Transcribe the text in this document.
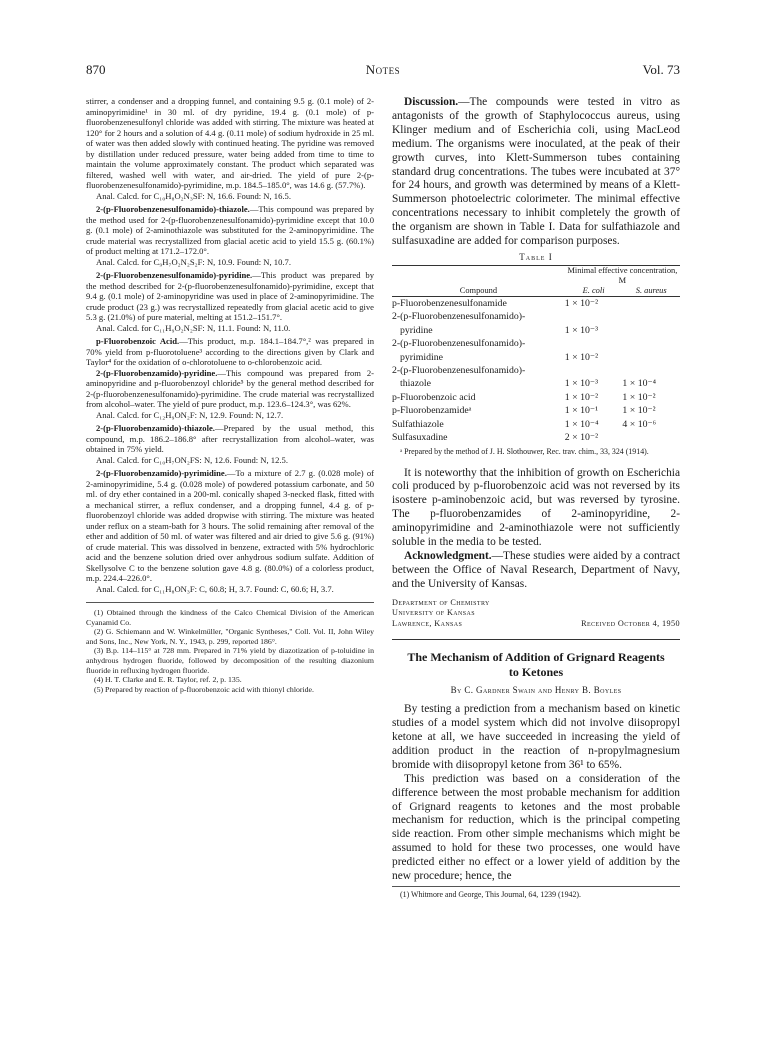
870	Notes	Vol. 73

stirrer, a condenser and a dropping funnel, and containing 9.5 g. (0.1 mole) of 2-aminopyrimidine¹ in 30 ml. of dry pyridine, 19.4 g. (0.1 mole) of p-fluorobenzenesulfonyl chloride was added with stirring. The mixture was heated at 120° for 2 hours and a solution of 4.4 g. (0.11 mole) of sodium hydroxide in 25 ml. of water was then added slowly with continued heating. The pyridine was removed by distillation under reduced pressure, water being added from time to time to maintain the volume approximately constant. The product which separated was filtered, washed well with water, and air-dried. The yield of pure 2-(p-fluorobenzenesulfonamido)-pyrimidine, m.p. 184.5–185.0°, was 14.6 g. (57.7%).

Anal. Calcd. for C₁₀H₈O₂N₃SF: N, 16.6. Found: N, 16.5.

2-(p-Fluorobenzenesulfonamido)-thiazole.—This compound was prepared by the method used for 2-(p-fluorobenzenesulfonamido)-pyrimidine except that 10.0 g. (0.1 mole) of 2-aminothiazole was substituted for the 2-aminopyrimidine. The crude material was recrystallized from glacial acetic acid to yield 15.5 g. (60.1%) of product melting at 171.2–172.0°.

Anal. Calcd. for C₉H₇O₂N₂S₂F: N, 10.9. Found: N, 10.7.

2-(p-Fluorobenzenesulfonamido)-pyridine.—This product was prepared by the method described for 2-(p-fluorobenzenesulfonamido)-pyrimidine, except that 9.4 g. (0.1 mole) of 2-aminopyridine was used in place of 2-aminopyrimidine. The crude product (23 g.) was recrystallized repeatedly from glacial acetic acid to give 5.3 g. (21.0%) of pure material, melting at 151.2–151.7°.

Anal. Calcd. for C₁₁H₉O₂N₂SF: N, 11.1. Found: N, 11.0.

p-Fluorobenzoic Acid.—This product, m.p. 184.1–184.7°,² was prepared in 70% yield from p-fluorotoluene³ according to the directions given by Clark and Taylor⁴ for the oxidation of o-chlorotoluene to o-chlorobenzoic acid.

2-(p-Fluorobenzamido)-pyridine.—This compound was prepared from 2-aminopyridine and p-fluorobenzoyl chloride⁵ by the general method described for 2-(p-fluorobenzenesulfonamido)-pyrimidine. The crude material was recrystallized from alcohol–water. The yield of pure product, m.p. 123.6–124.3°, was 62%.

Anal. Calcd. for C₁₂H₉ON₂F: N, 12.9. Found: N, 12.7.

2-(p-Fluorobenzamido)-thiazole.—Prepared by the usual method, this compound, m.p. 186.2–186.8° after recrystallization from alcohol–water, was obtained in 75% yield.

Anal. Calcd. for C₁₀H₇ON₂FS: N, 12.6. Found: N, 12.5.

2-(p-Fluorobenzamido)-pyrimidine.—To a mixture of 2.7 g. (0.028 mole) of 2-aminopyrimidine, 5.4 g. (0.028 mole) of powdered potassium carbonate, and 50 ml. of dry ether contained in a 200-ml. conically shaped 3-necked flask, fitted with a mechanical stirrer, a reflux condenser, and a dropping funnel, 4.4 g. of p-fluorobenzoyl chloride was added dropwise with stirring. The mixture was heated under reflux on a steam-bath for 3 hours. The solid remaining after removal of the ether and addition of 50 ml. of water was filtered and air dried to give 5.6 g. (91%) of crude material. This was dissolved in benzene, extracted with 5% hydrochloric acid and the benzene solution dried over anhydrous sodium sulfate. Addition of Skellysolve C to the benzene solution gave 4.8 g. (80.0%) of a colorless product, m.p. 224.4–226.0°.

Anal. Calcd. for C₁₁H₈ON₃F: C, 60.8; H, 3.7. Found: C, 60.6; H, 3.7.

(1) Obtained through the kindness of the Calco Chemical Division of the American Cyanamid Co.

(2) G. Schiemann and W. Winkelmüller, "Organic Syntheses," Coll. Vol. II, John Wiley and Sons, Inc., New York, N. Y., 1943, p. 299, reported 186°.

(3) B.p. 114–115° at 728 mm. Prepared in 71% yield by diazotization of p-toluidine in anhydrous hydrogen fluoride, followed by decomposition of the resulting diazonium fluoride in refluxing hydrogen fluoride.

(4) H. T. Clarke and E. R. Taylor, ref. 2, p. 135.

(5) Prepared by reaction of p-fluorobenzoic acid with thionyl chloride.

Discussion.—The compounds were tested in vitro as antagonists of the growth of Staphylococcus aureus, using Klinger medium and of Escherichia coli, using MacLeod medium. The organisms were inoculated, at the peak of their growth curves, into Klett-Summerson tubes containing standard drug concentrations. The tubes were incubated at 37° for 24 hours, and growth was determined by means of a Klett-Summerson photoelectric colorimeter. The minimal effective concentrations necessary to inhibit completely the growth of the organism are shown in Table I. Data for sulfathiazole and sulfasuxadine are added for comparison purposes.

Table I
	Minimal effective concentration, M	
Compound	E. coli	S. aureus

p-Fluorobenzenesulfonamide	1 × 10⁻²	
2-(p-Fluorobenzenesulfonamido)-		
pyridine	1 × 10⁻³	
2-(p-Fluorobenzenesulfonamido)-		
pyrimidine	1 × 10⁻²	
2-(p-Fluorobenzenesulfonamido)-		
thiazole	1 × 10⁻³	1 × 10⁻⁴
p-Fluorobenzoic acid	1 × 10⁻²	1 × 10⁻²
p-Fluorobenzamideᵃ	1 × 10⁻¹	1 × 10⁻²
Sulfathiazole	1 × 10⁻⁴	4 × 10⁻⁶
Sulfasuxadine	2 × 10⁻²	

ᵃ Prepared by the method of J. H. Slothouwer, Rec. trav. chim., 33, 324 (1914).

It is noteworthy that the inhibition of growth on Escherichia coli produced by p-fluorobenzoic acid was not reversed by its isostere p-aminobenzoic acid, but was reversed by tyrosine. The p-fluorobenzamides of 2-aminopyridine, 2-aminopyrimidine and 2-aminothiazole were not sufficiently soluble in the media to be tested.

Acknowledgment.—These studies were aided by a contract between the Office of Naval Research, Department of Navy, and the University of Kansas.

Department of Chemistry
University of Kansas
Lawrence, Kansas	Received October 4, 1950
The Mechanism of Addition of Grignard Reagents to Ketones
By C. Gardner Swain and Henry B. Boyles

By testing a prediction from a mechanism based on kinetic studies of a model system which did not involve diisopropyl ketone at all, we have succeeded in increasing the yield of addition product in the reaction of n-propylmagnesium bromide with diisopropyl ketone from 36¹ to 65%.

This prediction was based on a consideration of the difference between the most probable mechanism for addition of Grignard reagents to ketones and the most probable mechanism for reduction, which is the principal competing side reaction. From other simple mechanisms which might be assumed to hold for these two processes, one would have predicted either no effect or a lower yield of addition by the new procedure; hence, the

(1) Whitmore and George, This Journal, 64, 1239 (1942).
